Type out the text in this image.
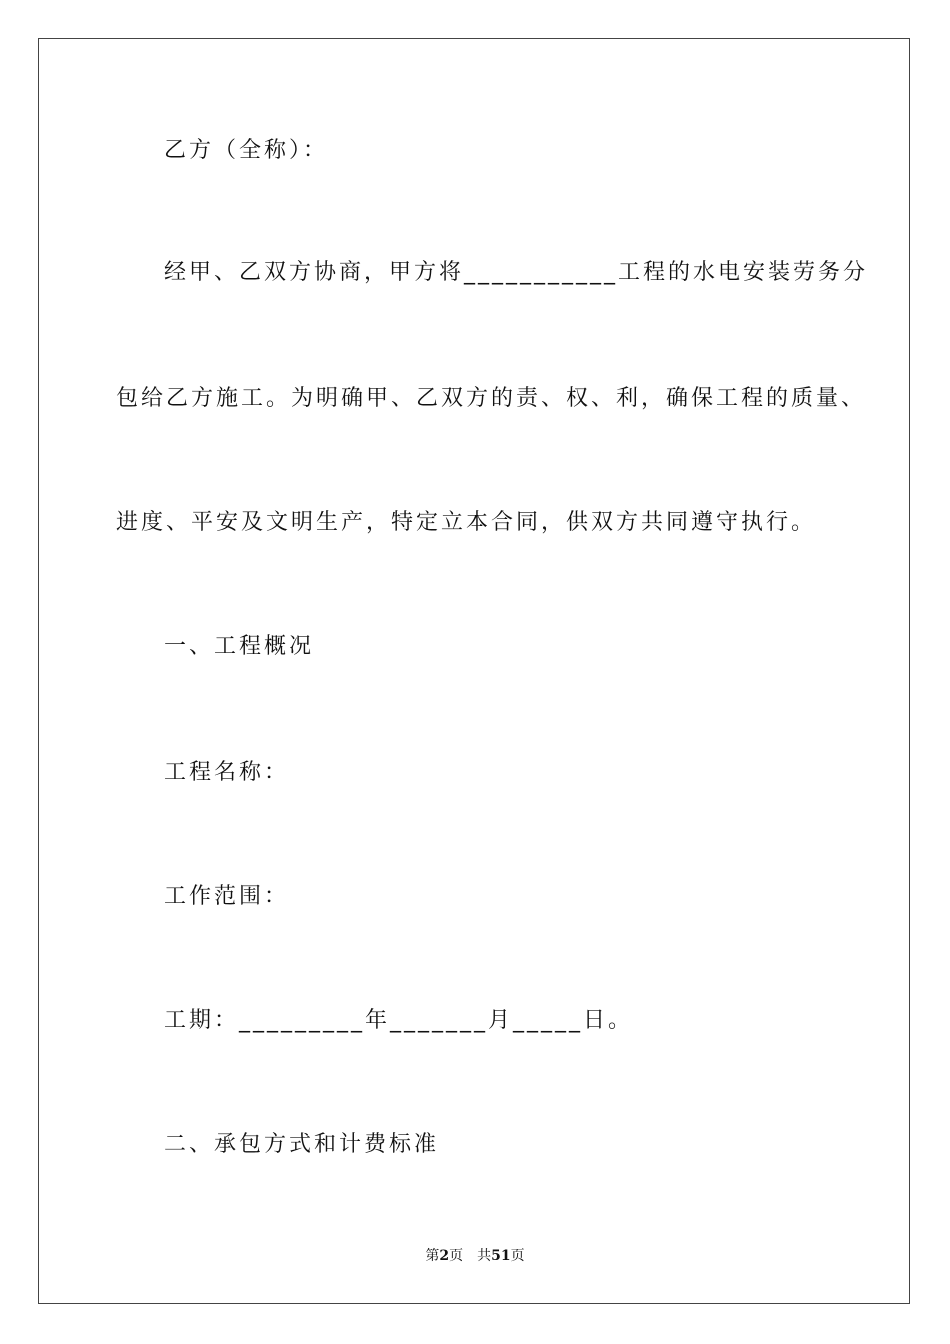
乙方（全称）：
经甲、乙双方协商，甲方将___________工程的水电安装劳务分
包给乙方施工。为明确甲、乙双方的责、权、利，确保工程的质量、
进度、平安及文明生产，特定立本合同，供双方共同遵守执行。
一、工程概况
工程名称：
工作范围：
工期：_________年_______月_____日。
二、承包方式和计费标准
第2页 共51页
